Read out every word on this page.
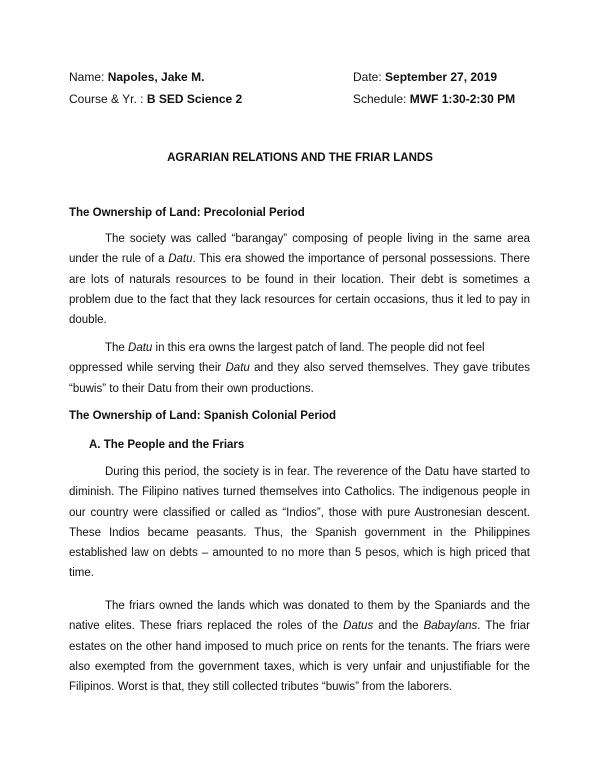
Name: Napoles, Jake M.
Course & Yr. : B SED Science 2
Date: September 27, 2019
Schedule: MWF 1:30-2:30 PM
AGRARIAN RELATIONS AND THE FRIAR LANDS
The Ownership of Land: Precolonial Period

The society was called “barangay” composing of people living in the same area under the rule of a Datu. This era showed the importance of personal possessions. There are lots of naturals resources to be found in their location. Their debt is sometimes a problem due to the fact that they lack resources for certain occasions, thus it led to pay in double.

The Datu in this era owns the largest patch of land. The people did not feel
oppressed while serving their Datu and they also served themselves. They gave tributes “buwis” to their Datu from their own productions.

The Ownership of Land: Spanish Colonial Period
A. The People and the Friars

During this period, the society is in fear. The reverence of the Datu have started to diminish. The Filipino natives turned themselves into Catholics. The indigenous people in our country were classified or called as “Indios”, those with pure Austronesian descent. These Indios became peasants. Thus, the Spanish government in the Philippines established law on debts – amounted to no more than 5 pesos, which is high priced that time.

The friars owned the lands which was donated to them by the Spaniards and the native elites. These friars replaced the roles of the Datus and the Babaylans. The friar estates on the other hand imposed to much price on rents for the tenants. The friars were also exempted from the government taxes, which is very unfair and unjustifiable for the Filipinos. Worst is that, they still collected tributes “buwis” from the laborers.
